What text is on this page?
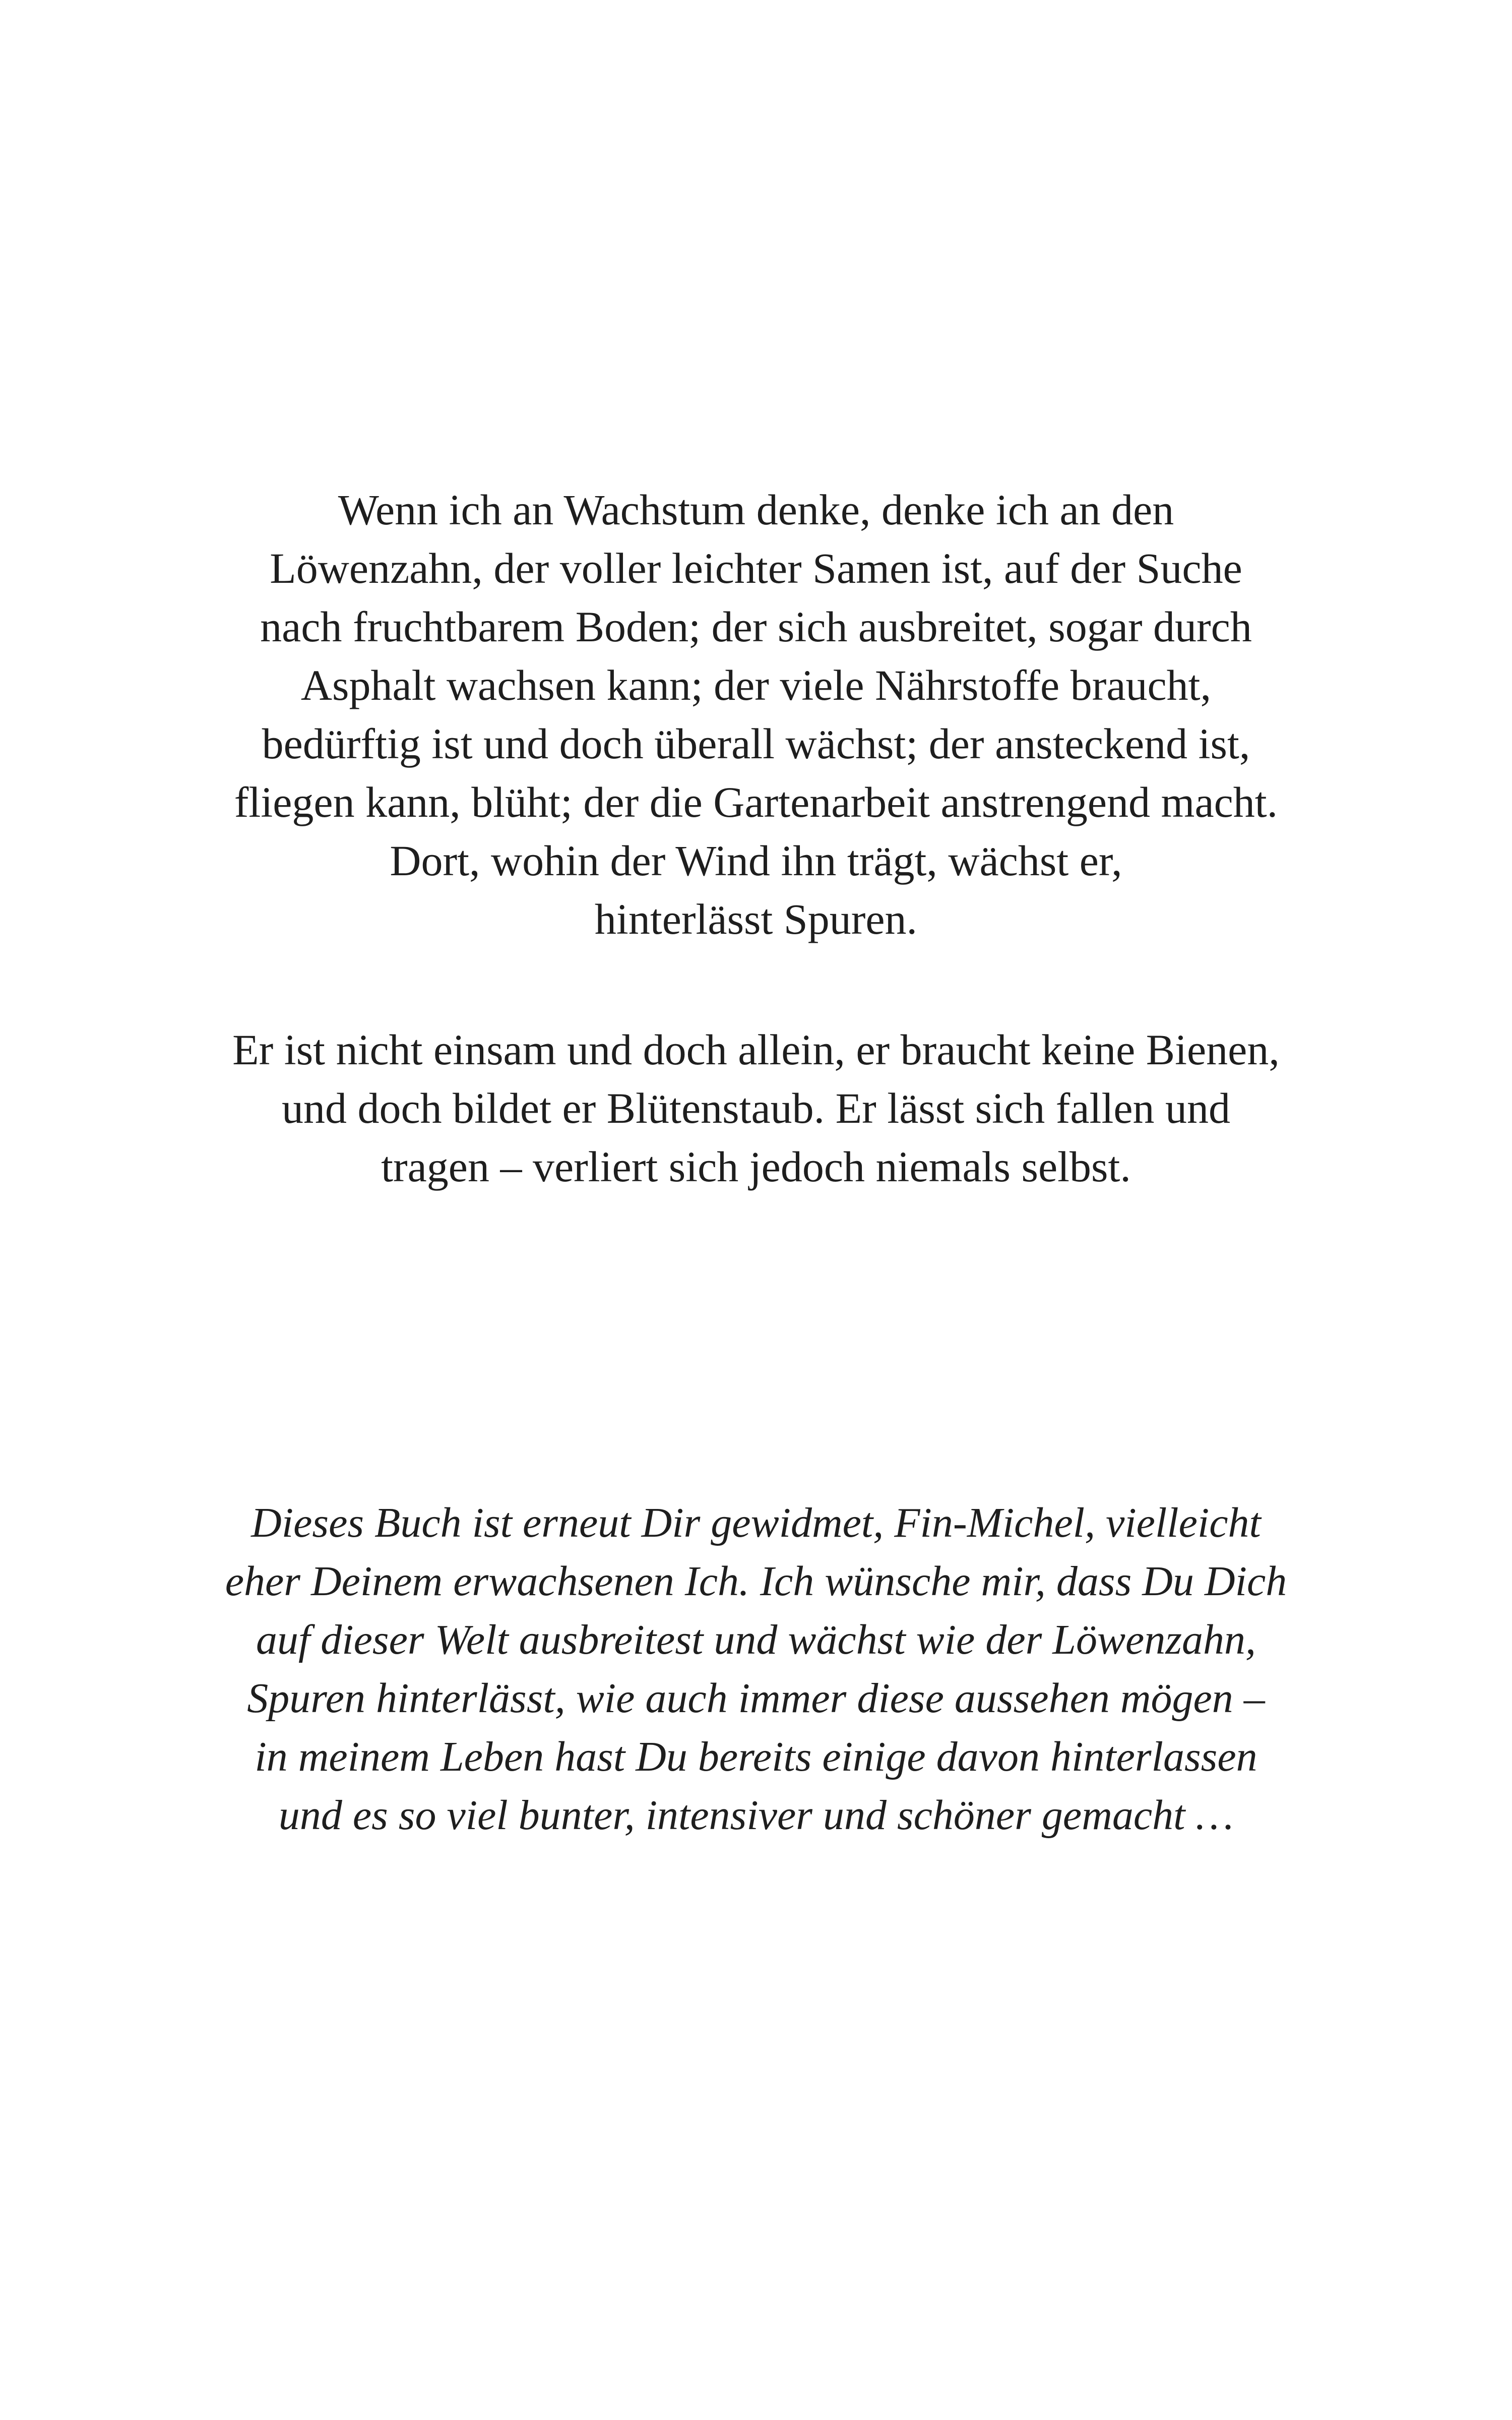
Wenn ich an Wachstum denke, denke ich an den
Löwenzahn, der voller leichter Samen ist, auf der Suche
nach fruchtbarem Boden; der sich ausbreitet, sogar durch
Asphalt wachsen kann; der viele Nährstoffe braucht,
bedürftig ist und doch überall wächst; der ansteckend ist,
fliegen kann, blüht; der die Gartenarbeit anstrengend macht.
Dort, wohin der Wind ihn trägt, wächst er,
hinterlässt Spuren.
Er ist nicht einsam und doch allein, er braucht keine Bienen,
und doch bildet er Blütenstaub. Er lässt sich fallen und
tragen – verliert sich jedoch niemals selbst.
Dieses Buch ist erneut Dir gewidmet, Fin-Michel, vielleicht
eher Deinem erwachsenen Ich. Ich wünsche mir, dass Du Dich
auf dieser Welt ausbreitest und wächst wie der Löwenzahn,
Spuren hinterlässt, wie auch immer diese aussehen mögen –
in meinem Leben hast Du bereits einige davon hinterlassen
und es so viel bunter, intensiver und schöner gemacht …
